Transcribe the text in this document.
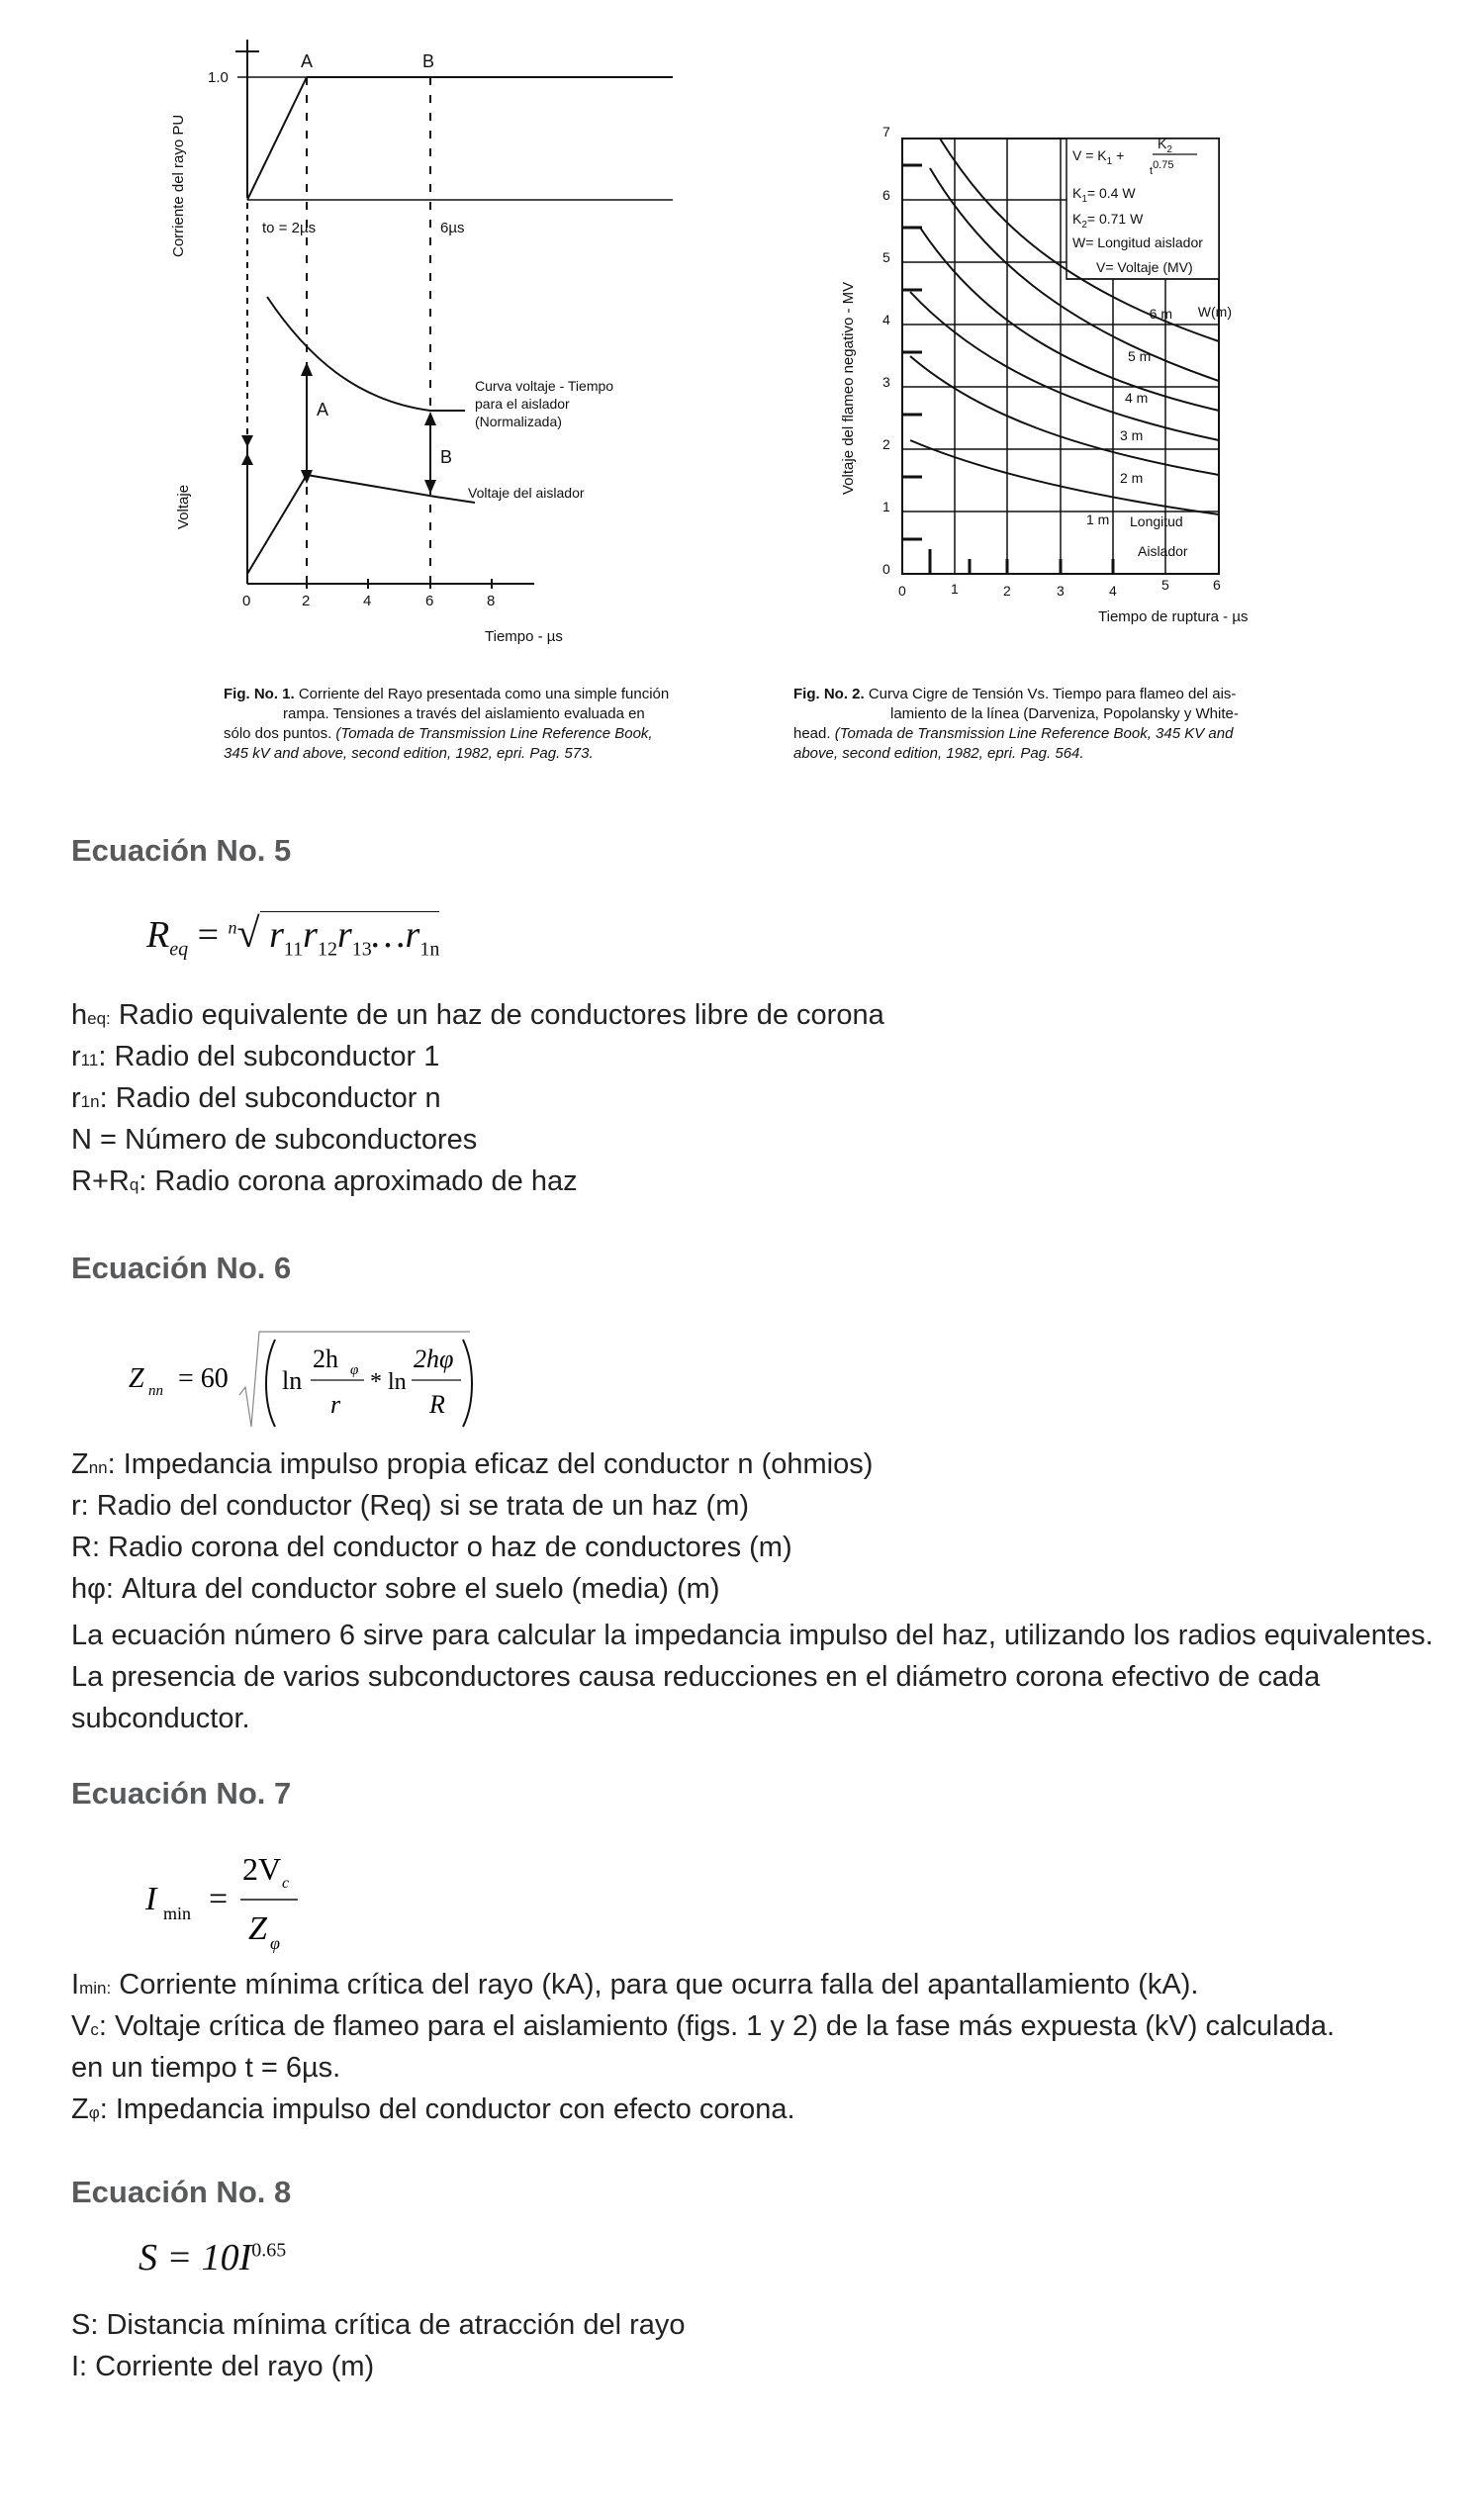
Corriente del rayo PU
Voltaje
1.0
A	B
to = 2µs	6µs
A
B
Curva voltaje - Tiempo
para el aislador
(Normalizada)
Voltaje del aislador
0	2	4	6	8
Tiempo - µs
Fig. No. 1. Corriente del Rayo presentada como una simple función
rampa. Tensiones a través del aislamiento evaluada en
sólo dos puntos. (Tomada de Transmission Line Reference Book,
345 kV and above, second edition, 1982, epri. Pag. 573.
Voltaje del flameo negativo - MV
7
6
5
4
3
2
1
0
0	1	2	3	4	5	6
Tiempo de ruptura - µs
$V = K_1$ +
$K_2$
$t^{0.75}$
$K_1= 0.4$ W
$K_2= 0.71$ W
W= Longitud aislador
V= Voltaje (MV)
W(m)
6 m
5 m
4 m
3 m
2 m
1 m Longitud
Aislador
Fig. No. 2. Curva Cigre de Tensión Vs. Tiempo para flameo del ais-
lamiento de la línea (Darveniza, Popolansky y White-
head. (Tomada de Transmission Line Reference Book, 345 KV and
above, second edition, 1982, epri. Pag. 564.
Ecuación No. 5
$R_{eq} = ^n√$ $r_{11}r_{12}r_{13}\dots r_{1n}$
heq: Radio equivalente de un haz de conductores libre de corona
r11: Radio del subconductor 1
r1n: Radio del subconductor n
N = Número de subconductores
R+Rq: Radio corona aproximado de haz
Ecuación No. 6
Z nn = 60 ln
2h φ
r
* ln
2hφ
R
Znn: Impedancia impulso propia eficaz del conductor n (ohmios)
r: Radio del conductor (Req) si se trata de un haz (m)
R: Radio corona del conductor o haz de conductores (m)
hφ: Altura del conductor sobre el suelo (media) (m)
La ecuación número 6 sirve para calcular la impedancia impulso del haz, utilizando los radios equivalentes. La presencia de varios subconductores causa reducciones en el diámetro corona efectivo de cada subconductor.
Ecuación No. 7
I min =
2V c
Z φ
Imin: Corriente mínima crítica del rayo (kA), para que ocurra falla del apantallamiento (kA).
Vc: Voltaje crítica de flameo para el aislamiento (figs. 1 y 2) de la fase más expuesta (kV) calculada.
en un tiempo t = 6µs.
Zφ: Impedancia impulso del conductor con efecto corona.
Ecuación No. 8
$S = 10I^{0.65}$
S: Distancia mínima crítica de atracción del rayo
I: Corriente del rayo (m)
